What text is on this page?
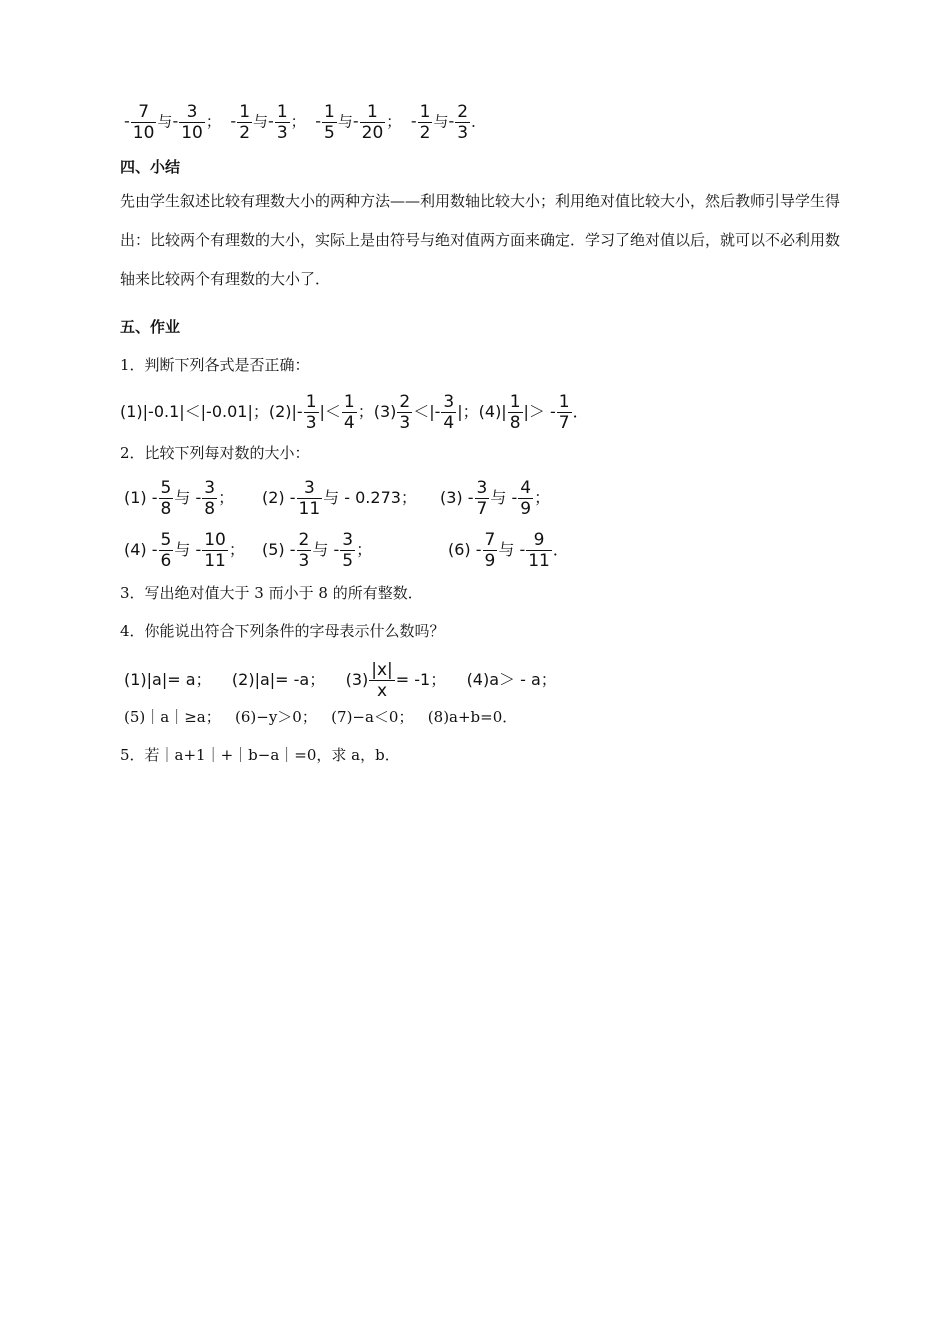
- $\frac{7}{10}$ 与- $\frac{3}{10}$ ； - $\frac{1}{2}$ 与- $\frac{1}{3}$ ； - $\frac{1}{5}$ 与- $\frac{1}{20}$ ； - $\frac{1}{2}$ 与- $\frac{2}{3}$ ．
四、小结
先由学生叙述比较有理数大小的两种方法——利用数轴比较大小；利用绝对值比较大小，然后教师引导学生得出：比较两个有理数的大小，实际上是由符号与绝对值两方面来确定．学习了绝对值以后，就可以不必利用数轴来比较两个有理数的大小了．
五、作业
1．判断下列各式是否正确：
(1)|-0.1|＜|-0.01|；$(2)|- \frac{1}{3}$ |＜ $\frac{1}{4}$ ；$(3) \frac{2}{3}$ ＜|- $\frac{3}{4}$ |；$(4)| \frac{1}{8}$ |＞ - $\frac{1}{7}$ ．
2．比较下列每对数的大小：
$(1) - \frac{5}{8}$ 与 - $\frac{3}{8}$ ； $(2) - \frac{3}{11}$ 与 - 0.273； $(3) - \frac{3}{7}$ 与 - $\frac{4}{9}$ ；
$(4) - \frac{5}{6}$ 与 - $\frac{10}{11}$ ； $(5) - \frac{2}{3}$ 与 - $\frac{3}{5}$ ；	$(6) - \frac{7}{9}$ 与 - $\frac{9}{11}$ ．
3．写出绝对值大于 3 而小于 8 的所有整数．
4．你能说出符合下列条件的字母表示什么数吗？
(1)|a|= a； (2)|a|= -a； $(3) \frac{|x|}{x} = -1$； (4)a＞ - a；
(5)｜a｜≥a； (6)−y＞0； (7)−a＜0； (8)a+b=0．
5．若｜a+1｜+｜b−a｜=0，求 a，b．
